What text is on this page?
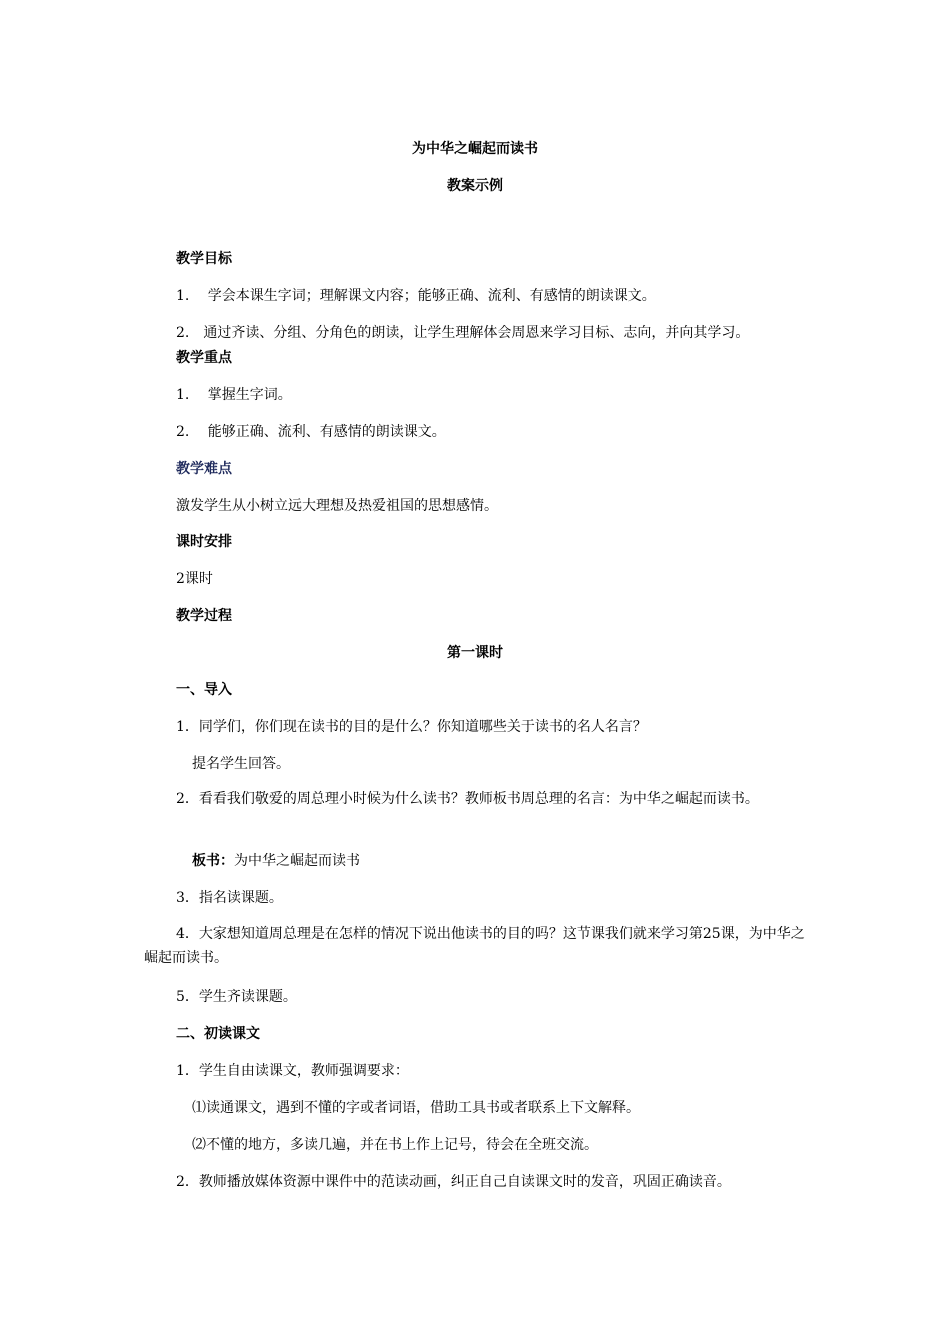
为中华之崛起而读书
教案示例
教学目标
1.　 学会本课生字词；理解课文内容；能够正确、流利、有感情的朗读课文。
2.　通过齐读、分组、分角色的朗读，让学生理解体会周恩来学习目标、志向，并向其学习。
教学重点
1.　 掌握生字词。
2.　 能够正确、流利、有感情的朗读课文。
教学难点
激发学生从小树立远大理想及热爱祖国的思想感情。
课时安排
2课时
教学过程
第一课时
一、导入
1．同学们，你们现在读书的目的是什么？你知道哪些关于读书的名人名言？
提名学生回答。
2．看看我们敬爱的周总理小时候为什么读书？教师板书周总理的名言：为中华之崛起而读书。
板书：为中华之崛起而读书
3．指名读课题。
4．大家想知道周总理是在怎样的情况下说出他读书的目的吗？这节课我们就来学习第25课，为中华之崛起而读书。
5．学生齐读课题。
二、初读课文
1．学生自由读课文，教师强调要求：
⑴读通课文，遇到不懂的字或者词语，借助工具书或者联系上下文解释。
⑵不懂的地方，多读几遍，并在书上作上记号，待会在全班交流。
2．教师播放媒体资源中课件中的范读动画，纠正自己自读课文时的发音，巩固正确读音。
